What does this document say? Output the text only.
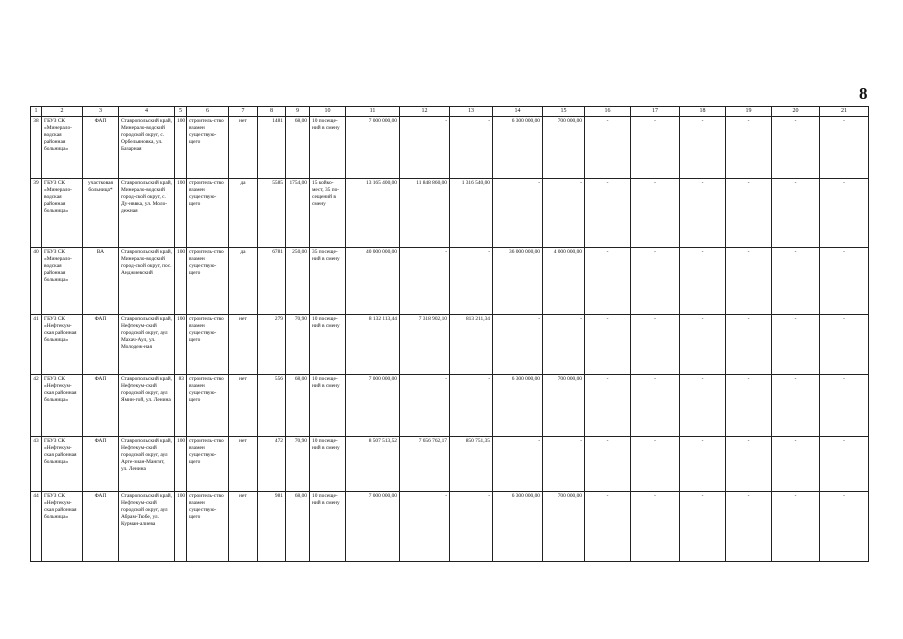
8
1	2	3	4	5	6	7	8	9	10	11	12	13	14	15	16	17	18	19	20	21
38	ГБУЗ СК «Минерало-водская районная больница»	ФАП	Ставропольский край, Минерало-водский городской округ, с. Орбельяновка, ул. Базарная	100	строитель-ство взамен существую-щего	нет	1481	68,00	10 посеще-ний в смену	7 000 000,00	-	-	6 300 000,00	700 000,00	-	-	-	-	-	-
39	ГБУЗ СК «Минерало-водская районная больница»	участковая больница*	Ставропольский край, Минерало-водский город-ской округ, с. Ду-нввка, ул. Моло-дежная	100	строитель-ство взамен существую-щего	да	5585	1754,00	15 койко-мест, 35 по-сещений в смену	13 165 400,00	11 848 860,00	1 316 540,00	-	-	-	-	-	-	-	-
40	ГБУЗ СК «Минерало-водская районная больница»	ВА	Ставропольский край, Минерало-водский город-ской округ, пос. Анджиевский	100	строитель-ство взамен существую-щего	да	6781	250,00	35 посеще-ний в смену	40 000 000,00	-	-	36 000 000,00	4 000 000,00	-	-	-	-	-	-
41	ГБУЗ СК «Нефтекум-ская районная больница»	ФАП	Ставропольский край, Нефтекум-ский городской округ, аул Махач-Аул, ул. Молодеж-ная	100	строитель-ство взамен существую-щего	нет	279	70,90	10 посеще-ний в смену	8 132 113,44	7 318 902,10	813 211,34	-	-	-	-	-	-	-	-
42	ГБУЗ СК «Нефтекум-ская районная больница»	ФАП	Ставропольский край, Нефтекум-ский городской округ, аул Ямин-гой, ул. Ленина	83	строитель-ство взамен существую-щего	нет	556	68,00	10 посеще-ний в смену	7 000 000,00	-	-	6 300 000,00	700 000,00	-	-	-	-	-	-
43	ГБУЗ СК «Нефтекум-ская районная больница»	ФАП	Ставропольский край, Нефтекум-ский городской округ, аул Арте-зиан-Мангит, ул. Ленина	100	строитель-ство взамен существую-щего	нет	472	70,90	10 посеще-ний в смену	8 507 513,52	7 656 762,17	850 751,35	-	-	-	-	-	-	-	-
44	ГБУЗ СК «Нефтекум-ская районная больница»	ФАП	Ставропольский край, Нефтекум-ский городской округ, аул Абрам-Тюбе, ул. Курман-алиева	100	строитель-ство взамен существую-щего	нет	981	68,00	10 посеще-ний в смену	7 000 000,00	-	-	6 300 000,00	700 000,00	-	-	-	-	-	-
